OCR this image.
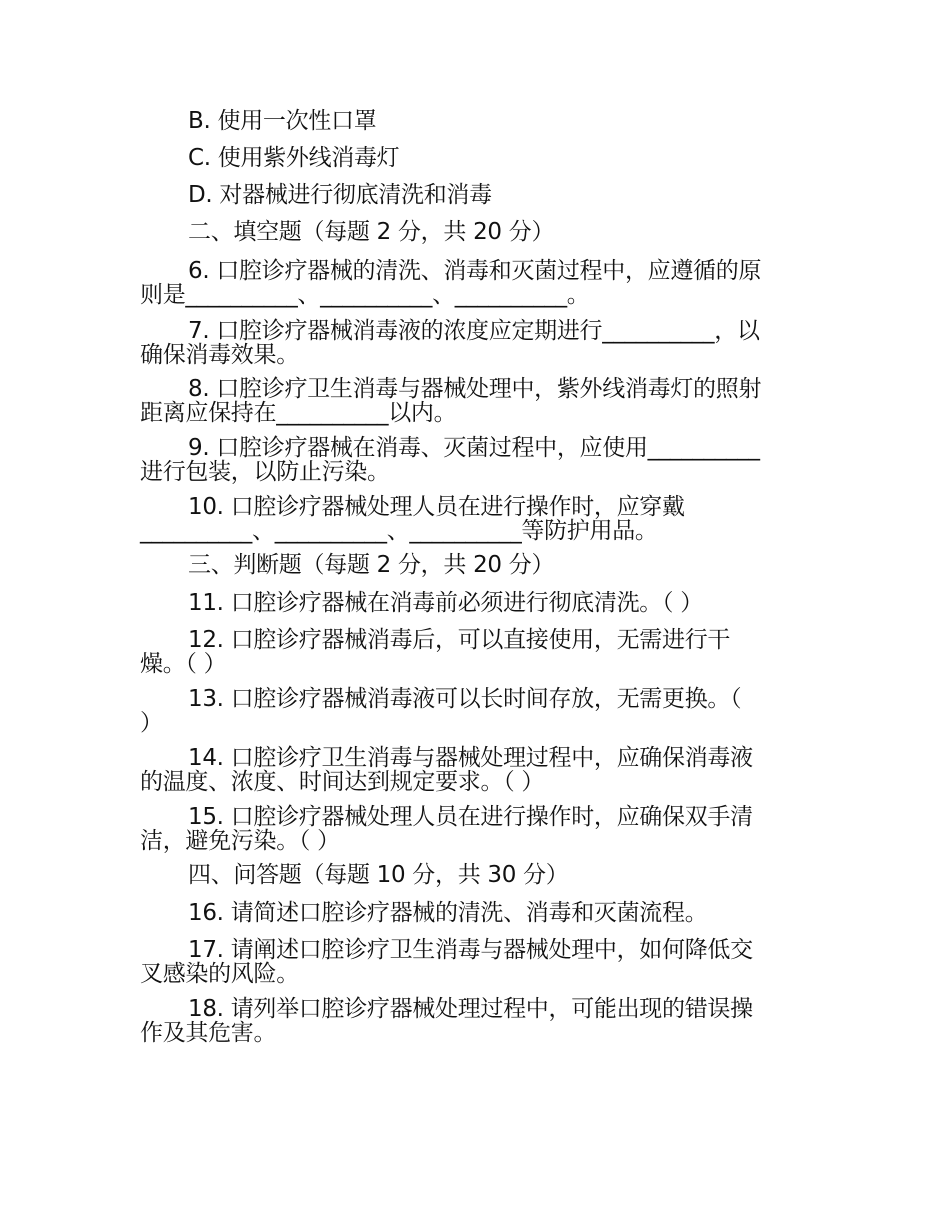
B. 使用一次性口罩
C. 使用紫外线消毒灯
D. 对器械进行彻底清洗和消毒
二、填空题（每题 2 分，共 20 分）
6. 口腔诊疗器械的清洗、消毒和灭菌过程中，应遵循的原
则是__________、__________、__________。
7. 口腔诊疗器械消毒液的浓度应定期进行__________，以
确保消毒效果。
8. 口腔诊疗卫生消毒与器械处理中，紫外线消毒灯的照射
距离应保持在__________以内。
9. 口腔诊疗器械在消毒、灭菌过程中，应使用__________
进行包装，以防止污染。
10. 口腔诊疗器械处理人员在进行操作时，应穿戴
__________、__________、__________等防护用品。
三、判断题（每题 2 分，共 20 分）
11. 口腔诊疗器械在消毒前必须进行彻底清洗。（ ）
12. 口腔诊疗器械消毒后，可以直接使用，无需进行干
燥。（ ）
13. 口腔诊疗器械消毒液可以长时间存放，无需更换。（
）
14. 口腔诊疗卫生消毒与器械处理过程中，应确保消毒液
的温度、浓度、时间达到规定要求。（ ）
15. 口腔诊疗器械处理人员在进行操作时，应确保双手清
洁，避免污染。（ ）
四、问答题（每题 10 分，共 30 分）
16. 请简述口腔诊疗器械的清洗、消毒和灭菌流程。
17. 请阐述口腔诊疗卫生消毒与器械处理中，如何降低交
叉感染的风险。
18. 请列举口腔诊疗器械处理过程中，可能出现的错误操
作及其危害。
